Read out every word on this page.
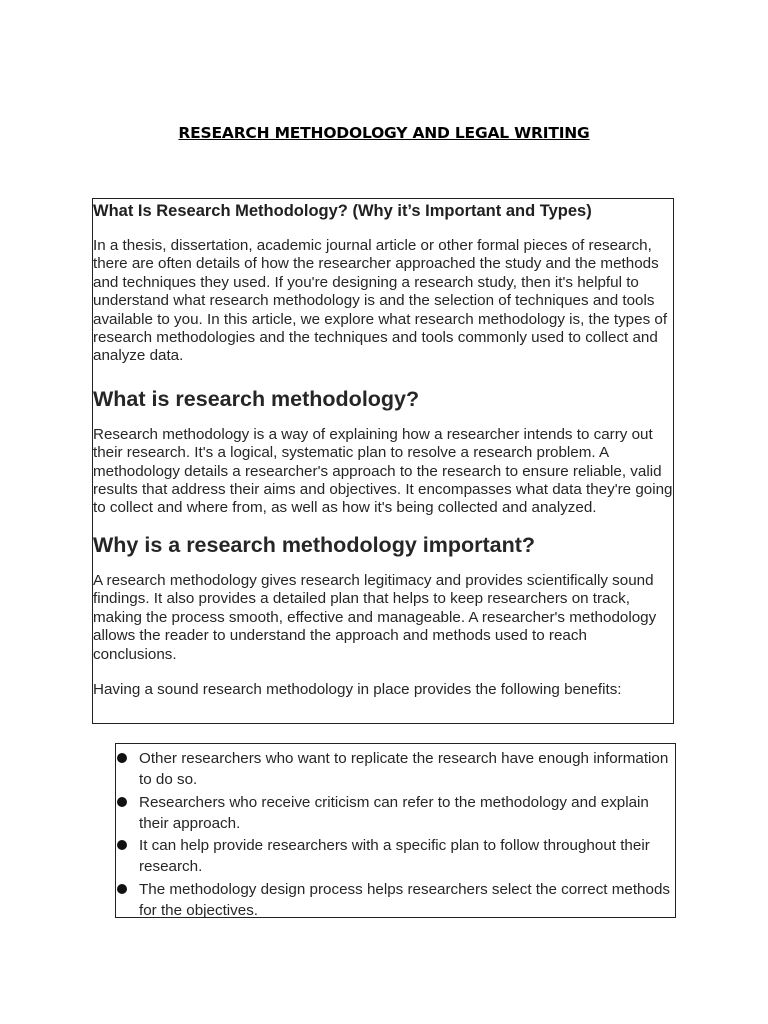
RESEARCH METHODOLOGY AND LEGAL WRITING
What Is Research Methodology? (Why it’s Important and Types)

In a thesis, dissertation, academic journal article or other formal pieces of research, there are often details of how the researcher approached the study and the methods and techniques they used. If you're designing a research study, then it's helpful to understand what research methodology is and the selection of techniques and tools available to you. In this article, we explore what research methodology is, the types of research methodologies and the techniques and tools commonly used to collect and analyze data.

What is research methodology?

Research methodology is a way of explaining how a researcher intends to carry out their research. It's a logical, systematic plan to resolve a research problem. A methodology details a researcher's approach to the research to ensure reliable, valid results that address their aims and objectives. It encompasses what data they're going to collect and where from, as well as how it's being collected and analyzed.

Why is a research methodology important?

A research methodology gives research legitimacy and provides scientifically sound findings. It also provides a detailed plan that helps to keep researchers on track, making the process smooth, effective and manageable. A researcher's methodology allows the reader to understand the approach and methods used to reach conclusions.

Having a sound research methodology in place provides the following benefits:

Other researchers who want to replicate the research have enough information to do so.
Researchers who receive criticism can refer to the methodology and explain their approach.
It can help provide researchers with a specific plan to follow throughout their research.
The methodology design process helps researchers select the correct methods for the objectives.
